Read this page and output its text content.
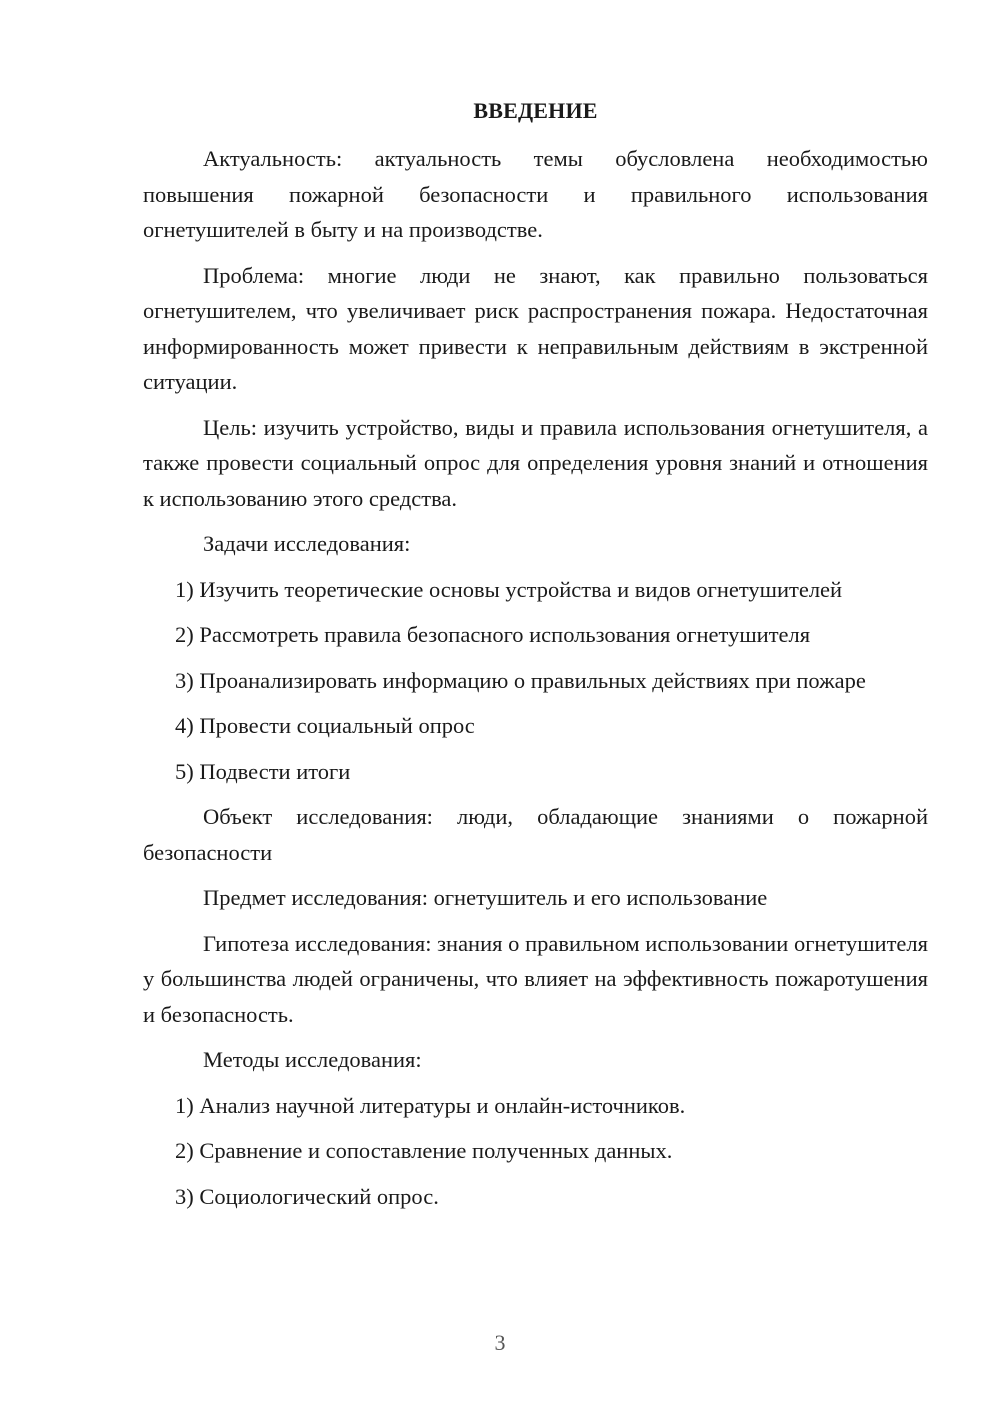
ВВЕДЕНИЕ

Актуальность: актуальность темы обусловлена необходимостью повышения пожарной безопасности и правильного использования огнетушителей в быту и на производстве.

Проблема: многие люди не знают, как правильно пользоваться огнетушителем, что увеличивает риск распространения пожара. Недостаточная информированность может привести к неправильным действиям в экстренной ситуации.

Цель: изучить устройство, виды и правила использования огнетушителя, а также провести социальный опрос для определения уровня знаний и отношения к использованию этого средства.

Задачи исследования:

1) Изучить теоретические основы устройства и видов огнетушителей

2) Рассмотреть правила безопасного использования огнетушителя

3) Проанализировать информацию о правильных действиях при пожаре

4) Провести социальный опрос

5) Подвести итоги

Объект исследования: люди, обладающие знаниями о пожарной безопасности

Предмет исследования: огнетушитель и его использование

Гипотеза исследования: знания о правильном использовании огнетушителя у большинства людей ограничены, что влияет на эффективность пожаротушения и безопасность.

Методы исследования:

1) Анализ научной литературы и онлайн-источников.

2) Сравнение и сопоставление полученных данных.

3) Социологический опрос.

3
